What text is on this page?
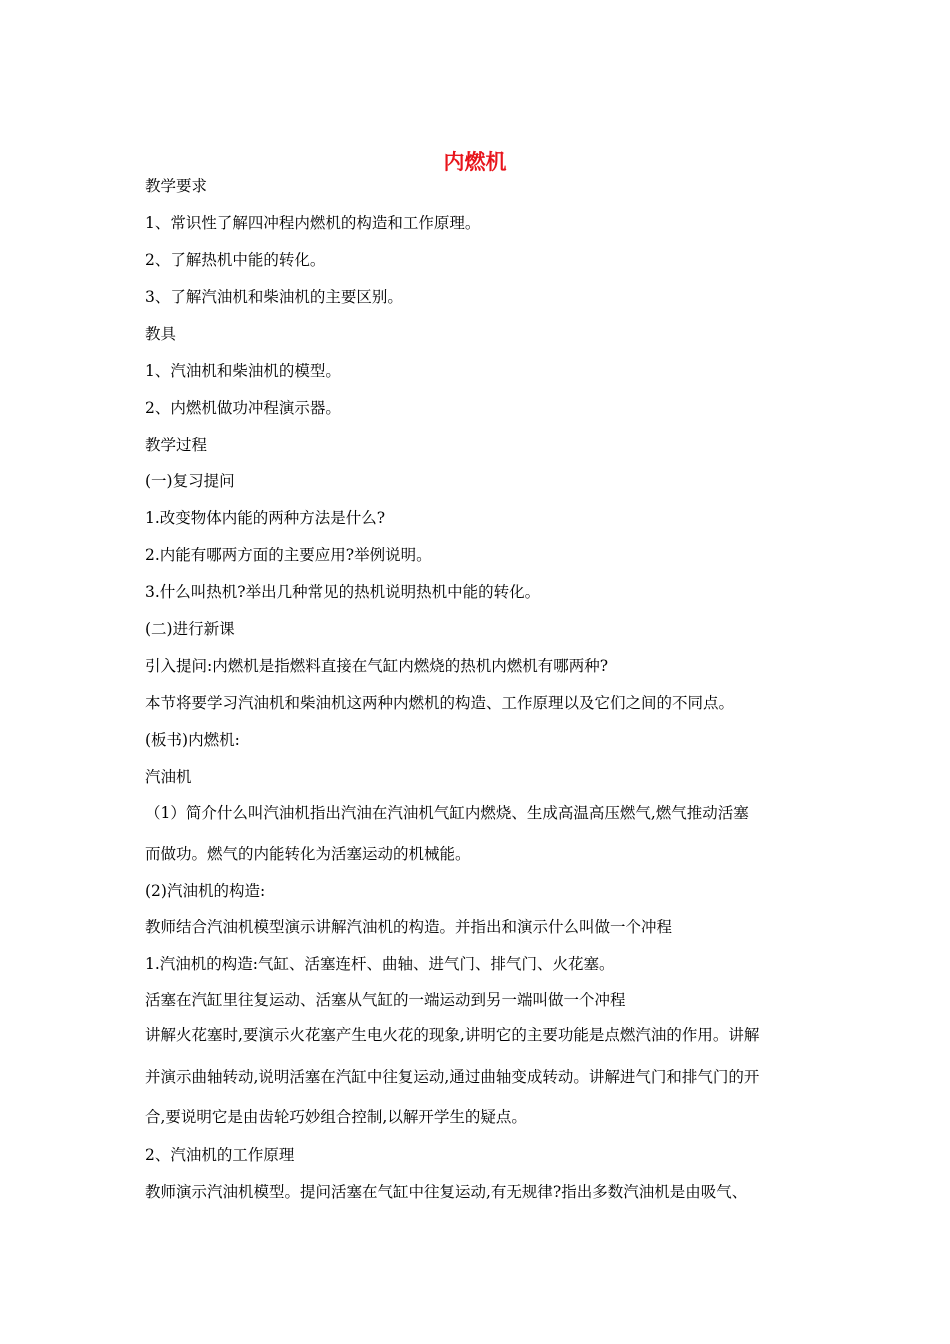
内燃机

教学要求

1、常识性了解四冲程内燃机的构造和工作原理。

2、了解热机中能的转化。

3、了解汽油机和柴油机的主要区别。

教具

1、汽油机和柴油机的模型。

2、内燃机做功冲程演示器。

教学过程

(一)复习提问

1.改变物体内能的两种方法是什么?

2.内能有哪两方面的主要应用?举例说明。

3.什么叫热机?举出几种常见的热机说明热机中能的转化。

(二)进行新课

引入提问:内燃机是指燃料直接在气缸内燃烧的热机内燃机有哪两种?

本节将要学习汽油机和柴油机这两种内燃机的构造、工作原理以及它们之间的不同点。

(板书)内燃机:

汽油机

（1）简介什么叫汽油机指出汽油在汽油机气缸内燃烧、生成高温高压燃气,燃气推动活塞

而做功。燃气的内能转化为活塞运动的机械能。

(2)汽油机的构造:

教师结合汽油机模型演示讲解汽油机的构造。并指出和演示什么叫做一个冲程

1.汽油机的构造:气缸、活塞连杆、曲轴、进气门、排气门、火花塞。

活塞在汽缸里往复运动、活塞从气缸的一端运动到另一端叫做一个冲程

讲解火花塞时,要演示火花塞产生电火花的现象,讲明它的主要功能是点燃汽油的作用。讲解

并演示曲轴转动,说明活塞在汽缸中往复运动,通过曲轴变成转动。讲解进气门和排气门的开

合,要说明它是由齿轮巧妙组合控制,以解开学生的疑点。

2、汽油机的工作原理

教师演示汽油机模型。提问活塞在气缸中往复运动,有无规律?指出多数汽油机是由吸气、
